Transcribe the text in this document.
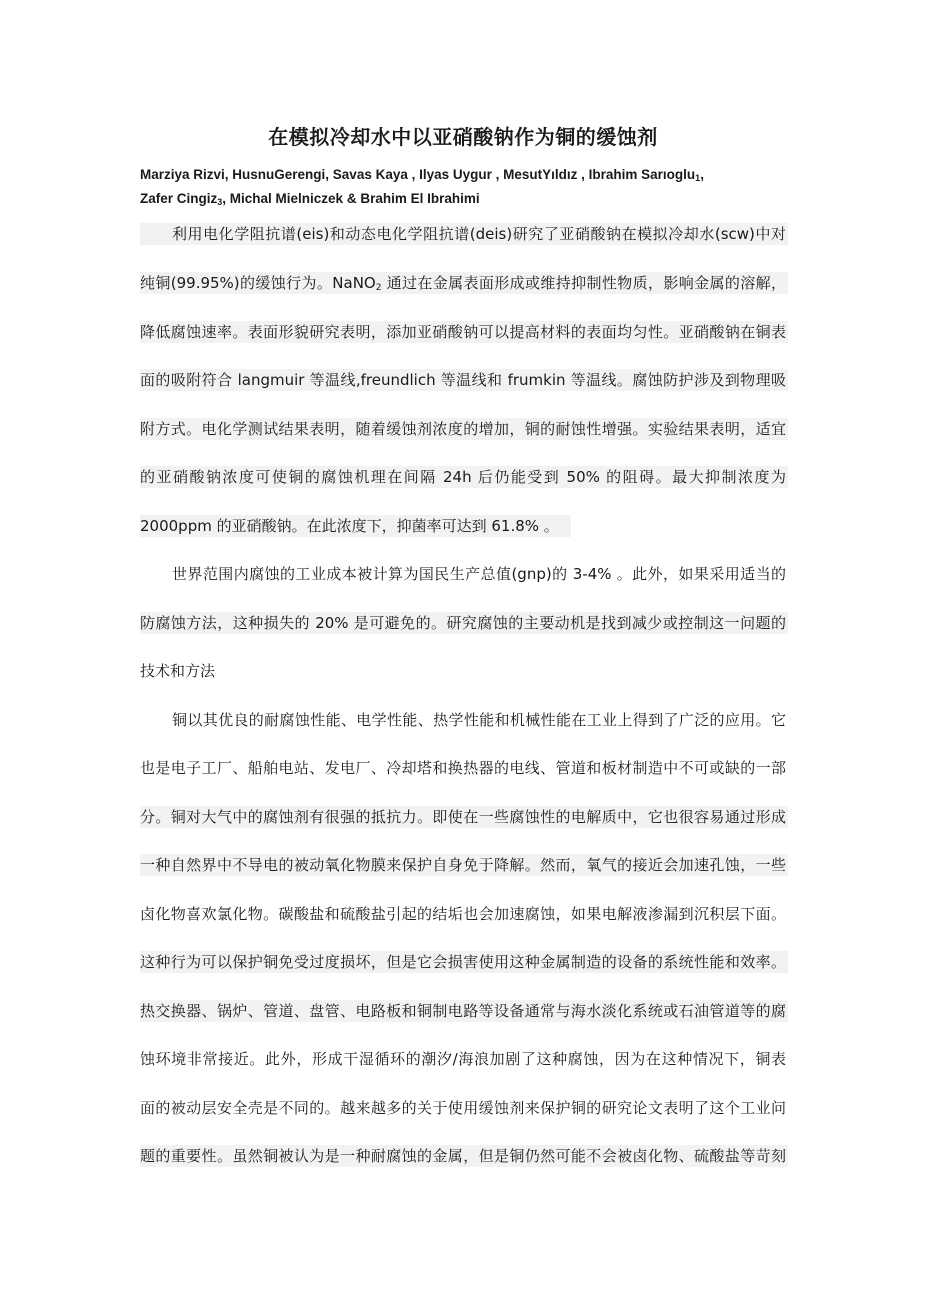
在模拟冷却水中以亚硝酸钠作为铜的缓蚀剂
Marziya Rizvi, HusnuGerengi, Savas Kaya , Ilyas Uygur , MesutYıldız , Ibrahim Sarıoglu$_1$,
Zafer Cingiz$_3$, Michal Mielniczek & Brahim El Ibrahimi
利用电化学阻抗谱(eis)和动态电化学阻抗谱(deis)研究了亚硝酸钠在模拟冷却水(scw)中对
纯铜(99.95%)的缓蚀行为。NaNO$_2$ 通过在金属表面形成或维持抑制性物质，影响金属的溶解，
降低腐蚀速率。表面形貌研究表明，添加亚硝酸钠可以提高材料的表面均匀性。亚硝酸钠在铜表
面的吸附符合 langmuir 等温线,freundlich 等温线和 frumkin 等温线。腐蚀防护涉及到物理吸
附方式。电化学测试结果表明，随着缓蚀剂浓度的增加，铜的耐蚀性增强。实验结果表明，适宜
的亚硝酸钠浓度可使铜的腐蚀机理在间隔 24h 后仍能受到 50% 的阻碍。最大抑制浓度为
2000ppm 的亚硝酸钠。在此浓度下，抑菌率可达到 61.8% 。
世界范围内腐蚀的工业成本被计算为国民生产总值(gnp)的 3-4% 。此外，如果采用适当的
防腐蚀方法，这种损失的 20% 是可避免的。研究腐蚀的主要动机是找到减少或控制这一问题的
技术和方法
铜以其优良的耐腐蚀性能、电学性能、热学性能和机械性能在工业上得到了广泛的应用。它
也是电子工厂、船舶电站、发电厂、冷却塔和换热器的电线、管道和板材制造中不可或缺的一部
分。铜对大气中的腐蚀剂有很强的抵抗力。即使在一些腐蚀性的电解质中，它也很容易通过形成
一种自然界中不导电的被动氧化物膜来保护自身免于降解。然而，氧气的接近会加速孔蚀，一些
卤化物喜欢氯化物。碳酸盐和硫酸盐引起的结垢也会加速腐蚀，如果电解液渗漏到沉积层下面。
这种行为可以保护铜免受过度损坏，但是它会损害使用这种金属制造的设备的系统性能和效率。
热交换器、锅炉、管道、盘管、电路板和铜制电路等设备通常与海水淡化系统或石油管道等的腐
蚀环境非常接近。此外，形成干湿循环的潮汐/海浪加剧了这种腐蚀，因为在这种情况下，铜表
面的被动层安全壳是不同的。越来越多的关于使用缓蚀剂来保护铜的研究论文表明了这个工业问
题的重要性。虽然铜被认为是一种耐腐蚀的金属，但是铜仍然可能不会被卤化物、硫酸盐等苛刻
